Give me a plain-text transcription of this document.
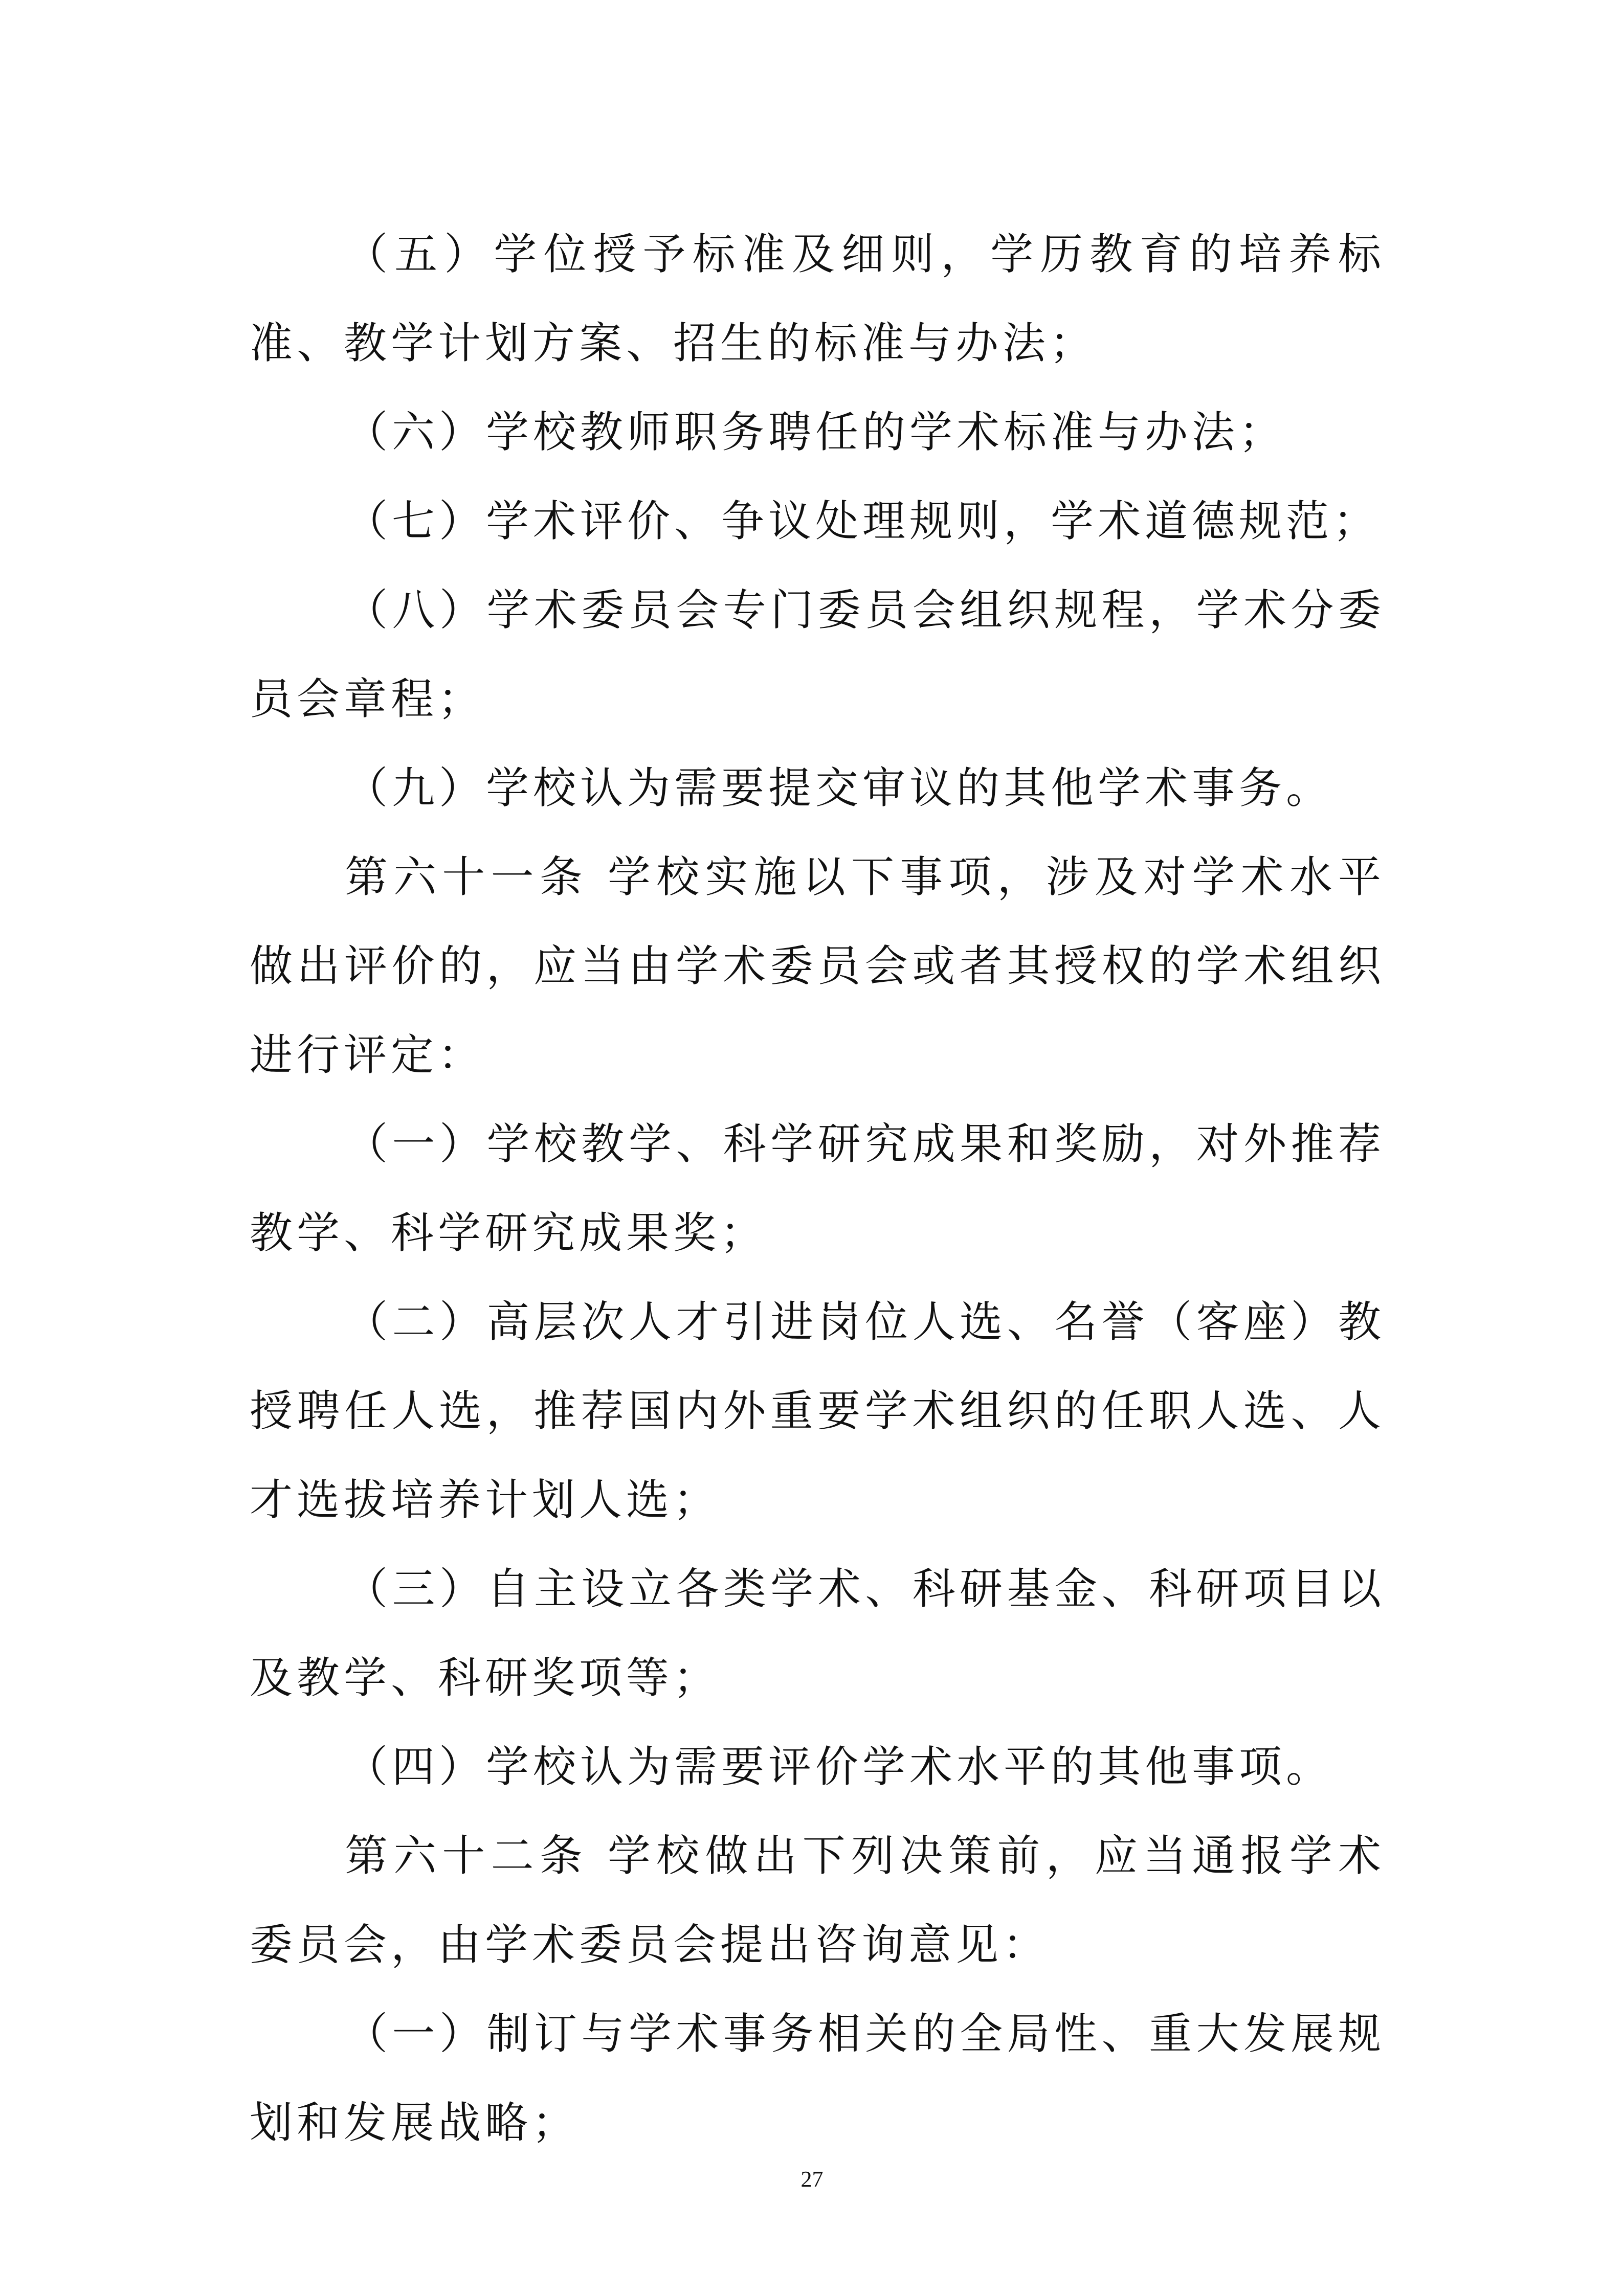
（五）学位授予标准及细则，学历教育的培养标准、教学计划方案、招生的标准与办法；

（六）学校教师职务聘任的学术标准与办法；

（七）学术评价、争议处理规则，学术道德规范；

（八）学术委员会专门委员会组织规程，学术分委员会章程；

（九）学校认为需要提交审议的其他学术事务。

第六十一条 学校实施以下事项，涉及对学术水平做出评价的，应当由学术委员会或者其授权的学术组织进行评定：

（一）学校教学、科学研究成果和奖励，对外推荐教学、科学研究成果奖；

（二）高层次人才引进岗位人选、名誉（客座）教授聘任人选，推荐国内外重要学术组织的任职人选、人才选拔培养计划人选；

（三）自主设立各类学术、科研基金、科研项目以及教学、科研奖项等；

（四）学校认为需要评价学术水平的其他事项。

第六十二条 学校做出下列决策前，应当通报学术委员会，由学术委员会提出咨询意见：

（一）制订与学术事务相关的全局性、重大发展规划和发展战略；

27
